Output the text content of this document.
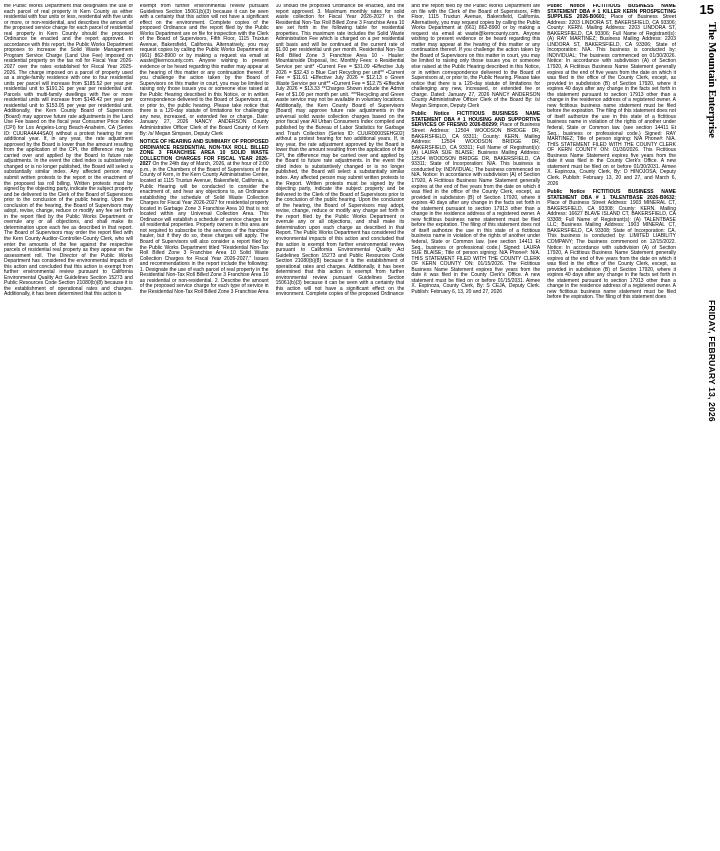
the Public Works Department that designates the use of each parcel of real property in Kern County as either residential with four units or less, residential with five units or more, or non-residential, and describes the amount of the proposed service charge for each parcel of residential real property in Kern County should the proposed Ordinance be enacted and the report approved. In accordance with this report, the Public Works Department proposes to increase the Solid Waste Management Program Service Charge (Land Use Fee) imposed on residential property on the tax roll for Fiscal Year 2026-2027 over the rates established for Fiscal Year 2025-2026. The charge imposed on a parcel of property used as a single-family residence with one to four residential units per parcel will increase from $185.52 per year per residential unit to $191.31 per year per residential unit. Parcels with multi-family dwellings with five or more residential units will increase from $148.42 per year per residential unit to $153.05 per year per residential unit. Additionally, the Kern County Board of Supervisors (Board) may approve future rate adjustments in the Land Use Fee based on the fiscal year Consumer Price Index (CPI) for Los Angeles-Long Beach-Anaheim, CA (Series ID: CUURA4A44SA0) without a protest hearing for one additional year. If, in any year, the rate adjustment approved by the Board is lower than the amount resulting from the application of the CPI, the difference may be carried over and applied by the Board to future rate adjustments. In the event the cited index is substantively changed or is no longer published, the Board will select a substantially similar index. Any affected person may submit written protests to the report or the enactment of the proposed tax roll billing. Written protests must be signed by the objecting party, indicate the subject property and be delivered to the Clerk of the Board of Supervisors prior to the conclusion of the public hearing. Upon the conclusion of the hearing, the Board of Supervisors may adopt, revise, change, reduce or modify any fee set forth in the report filed by the Public Works Department or overrule any or all objections, and shall make its determination upon each fee as described in that report. The Board of Supervisors may order the report filed with the Kern County Auditor-Controller-County Clerk, who will enter the amounts of the fee against the respective parcels of residential real property as they appear on the assessment roll. The Director of the Public Works Department has considered the environmental impacts of this action and concluded that this action is exempt from further environmental review pursuant to California Environmental Quality Act Guidelines Section 15273 and Public Resources Code Section 21080(b)(8) because it is the establishment of operational rates and charges. Additionally, it has been determined that this action is

exempt from further environmental review pursuant Guidelines Section 15061(b)(3) because it can be seen with a certainty that this action will not have a significant effect on the environment. Complete copies of the proposed Ordinance and the report filed by the Public Works Department are on file for inspection with the Clerk of the Board of Supervisors, Fifth Floor, 1115 Truxtun Avenue, Bakersfield, California. Alternatively, you may request copies by calling the Public Works Department at (661) 862-8900 or by making a request via email at waste@kerncounty.com. Anyone wishing to present evidence or be heard regarding this matter may appear at the hearing of this matter or any continuation thereof. If you challenge the action taken by the Board of Supervisors on this matter in court, you may be limited to raising only those issues you or someone else raised at the Public Hearing described in this Notice, or in written correspondence delivered to the Board of Supervisors at, or prior to, the public hearing. Please take notice that there is a 120-day statute of limitations for challenging any new, increased, or extended fee or charge. Date: January 27, 2026 NANCY ANDERSON County Administrative Officer Clerk of the Board County of Kern By: /s/ Megan Simpson, Deputy Clerk

NOTICE OF HEARING AND SUMMARY OF PROPOSED ORDINANCE RESIDENTIAL NON-TAX ROLL BILLED ZONE 3 FRANCHISE AREA 10 SOLID WASTE COLLECTION CHARGES FOR FISCAL YEAR 2026-2027 On the 24th day of March, 2026, at the hour of 2:00 p.m., in the Chambers of the Board of Supervisors of the County of Kern, in the Kern County Administrative Center, located at 1115 Truxtun Avenue, Bakersfield, California, a Public Hearing will be conducted to consider the enactment of, and hear any objections to, an Ordinance establishing the schedule of Solid Waste Collection Charges for Fiscal Year 2026-2027 for residential property located in Garbage Zone 3 Franchise Area 10 that is not located within any Universal Collection Area. This Ordinance will establish a schedule of service charges for all residential properties. Property owners in this area are not required to subscribe to the services of the franchise hauler, but if they do so, these charges will apply. The Board of Supervisors will also consider a report filed by the Public Works Department titled "Residential Non-Tax Roll Billed Zone 3 Franchise Area 10 Solid Waste Collection Charges for Fiscal Year 2026-2027." Issues and recommendations in the report include the following: 1. Designate the use of each parcel of real property in the Residential Non-Tax Roll Billed Zone 3 Franchise Area 10 as residential or non-residential. 2. Describe the amount of the proposed service charge for each type of service in the Residential Non-Tax Roll Billed Zone 3 Franchise Area

10 should the proposed Ordinance be enacted, and the report approved. 3. Maximum monthly rates for solid waste collection for Fiscal Year 2026-2027 in the Residential Non-Tax Roll Billed Zone 3 Franchise Area 10 are set forth in the following table for residential properties. This maximum rate includes the Solid Waste Administration Fee which is charged on a per residential unit basis and will be continued at the current rate of $1.00 per residential unit per month. Residential Non-Tax Roll Billed Zone 3 Franchise Area 10 - Hauler: Mountainside Disposal, Inc. Monthly Fees: o Residential Service per unit* •Current Fee = $31.09 •Effective July 2026 = $32.43 o Blue Cart Recycling per unit** •Current Fee = $11.61 •Effective July 2026 = $12.13 o Green Waste Service per unit** •Current Fee = $12.75 •Effective July 2026 = $13.33 **Charges Shown include the Admin Fee of $1.00 per month per unit. ***Recycling and Green waste service may not be available in voluntary locations. Additionally, the Kern County Board of Supervisors (Board) may approve future rate adjustments in the universal solid waste collection charges based on the prior fiscal year All Urban Consumers Index compiled and published by the Bureau of Labor Statistics for Garbage and Trash Collection (Series ID: CUUR0000SEHG02) without a protest hearing for two additional years. If, in any year, the rate adjustment approved by the Board is lower than the amount resulting from the application of the CPI, the difference may be carried over and applied by the Board to future rate adjustments. In the event the cited index is substantively changed or is no longer published, the Board will select a substantially similar index. Any affected person may submit written protests to the Report. Written protests must be signed by the objecting party, indicate the subject property and be delivered to the Clerk of the Board of Supervisors prior to the conclusion of the public hearing. Upon the conclusion of the hearing, the Board of Supervisors may adopt, revise, change, reduce or modify any charge set forth in the report filed by the Public Works Department or overrule any or all objections, and shall make its determination upon each charge as described in that Report. The Public Works Department has considered the environmental impacts of this action and concluded that this action is exempt from further environmental review pursuant to California Environmental Quality Act Guidelines Section 15273 and Public Resources Code Section 21080(b)(8) because it is the establishment of operational rates and charges. Additionally, it has been determined that this action is exempt from further environmental review pursuant Guidelines Section 15061(b)(3) because it can be seen with a certainty that this action will not have a significant effect on the environment. Complete copies of the proposed Ordinance

and the report filed by the Public Works Department are on file with the Clerk of the Board of Supervisors, Fifth Floor, 1115 Truxtun Avenue, Bakersfield, California. Alternatively, you may request copies by calling the Public Works Department at (661) 862-8900 or by making a request via email at waste@kerncounty.com. Anyone wishing to present evidence or be heard regarding this matter may appear at the hearing of this matter or any continuation thereof. If you challenge the action taken by the Board of Supervisors on this matter in court, you may be limited to raising only those issues you or someone else raised at the Public Hearing described in this Notice, or in written correspondence delivered to the Board of Supervisors at, or prior to, the Public Hearing. Please take notice that there is a 120-day statute of limitations for challenging any new, increased, or extended fee or charge. Dated: January 27, 2026 NANCY ANDERSON County Administrative Officer Clerk of the Board By: /s/ Megan Simpson, Deputy Clerk

Public Notice FICTITIOUS BUSINESS NAME STATEMENT DBA # 1 HOUSING AND SUPPORTIVE SERVICES OF FRESNO 2026-B0299; Place of Business Street Address: 12504 WOODSON BRIDGE DR, BAKERSFIELD, CA 93311; County: KERN. Mailing Address: 12504 WOODSON BRIDGE DR, BAKERSFIELD, CA 93311; Full Name of Registrant(s): (A) LAURA SUE BLAISE; Business Mailing Address: 12504 WOODSON BRIDGE DR, BAKERSFIELD, CA 93311; State of Incorporation: N/A. This business is conducted by: INDIVIDUAL; The business commenced on N/A. Notice: In accordance with subdivision (A) of Section 17920, A Fictitious Business Name Statement generally expires at the end of five years from the date on which it was filed in the office of the County Clerk, except, as provided in subdivision (B) of Section 17920, where it expires 40 days after any change in the facts set forth in the statement pursuant to section 17913 other than a change in the residence address of a registered owner. A new fictitious business name statement must be filed before the expiration. The filing of this statement does not of itself authorize the use in this state of a fictitious business name in violation of the rights of another under federal, State or Common law. (see section 14411 Et Seq., business or professional code.) Signed: LAURA SUE BLAISE; Title of person signing: N/A Phone#: N/A. THIS STATEMENT FILED WITH THE COUNTY CLERK OF KERN COUNTY ON: 01/15/2026. The Fictitious Business Name Statement expires five years from the date it was filed in the County Clerk's Office. A new statement must be filed on or before 01/15/2031. Aimee X. Espinoza, County Clerk, By: S CEJA, Deputy Clerk. Publish: February 6, 13, 20 and 27, 2026

Public Notice FICTITIOUS BUSINESS NAME STATEMENT DBA # 1 KILLER KERN PROSPECTING SUPPLIES 2026-B0601; Place of Business Street Address: 2203 LINDORA ST, BAKERSFIELD, CA 93306; County: KERN. Mailing Address: 2203 LINDORA ST, BAKERSFIELD, CA 93306; Full Name of Registrant(s): (A) RAY MARTINEZ; Business Mailing Address: 2203 LINDORA ST, BAKERSFIELD, CA 93306; State of Incorporation: N/A. This business is conducted by: INDIVIDUAL; The business commenced on 01/30/2026. Notice: In accordance with subdivision (A) of Section 17920, A Fictitious Business Name Statement generally expires at the end of five years from the date on which it was filed in the office of the County Clerk, except, as provided in subdivision (B) of Section 17920, where it expires 40 days after any change in the facts set forth in the statement pursuant to section 17913 other than a change in the residence address of a registered owner. A new fictitious business name statement must be filed before the expiration. The filing of this statement does not of itself authorize the use in this state of a fictitious business name in violation of the rights of another under federal, State or Common law. (see section 14411 Et Seq., business or professional code.) Signed: RAY MARTINEZ; Title of person signing: N/A Phone#: N/A. THIS STATEMENT FILED WITH THE COUNTY CLERK OF KERN COUNTY ON: 01/30/2026. This Fictitious Business Name Statement expires five years from the date it was filed in the County Clerk's Office. A new statement must be filed on or before 01/30/2031. Aimee X. Espinoza, County Clerk, By: D HINOJOSA, Deputy Clerk. Publish: February 13, 20 and 27, and March 6, 2026

Public Notice FICTITIOUS BUSINESS NAME STATEMENT DBA # 1 TALENTBASE 2026-B0632; Place of Business Street Address: 1903 MINERAL CT, BAKERSFIELD, CA 93308; County: KERN. Mailing Address: 16627 BLAVE ISLAND CT, BAKERSFIELD, CA 93308; Full Name of Registrant(s): (A) TALENTBASE LLC; Business Mailing Address: 1903 MINERAL CT, BAKERSFIELD, CA 93308; State of Incorporation: CA. This business is conducted by: LIMITED LIABILITY COMPANY; The business commenced on 12/15/2022. Notice: In accordance with subdivision (A) of Section 17920, A Fictitious Business Name Statement generally expires at the end of five years from the date on which it was filed in the office of the County Clerk, except, as provided in subdivision (B) of Section 17920, where it expires 40 days after any change in the facts set forth in the statement pursuant to section 17913 other than a change in the residence address of a registered owner. A new fictitious business name statement must be filed before the expiration. The filing of this statement does

15
The Mountain Enterprise
FRIDAY, FEBRUARY 13, 2026
